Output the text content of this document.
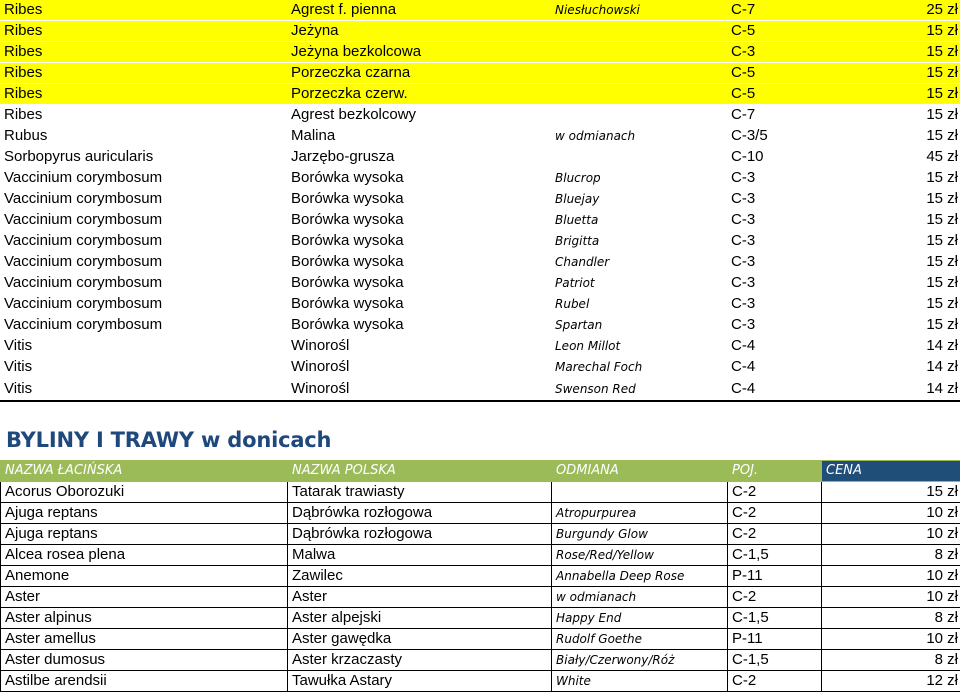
Ribes	Agrest f. pienna	Niesłuchowski	C-7	25 zł
Ribes	Jeżyna		C-5	15 zł
Ribes	Jeżyna bezkolcowa		C-3	15 zł
Ribes	Porzeczka czarna		C-5	15 zł
Ribes	Porzeczka czerw.		C-5	15 zł
Ribes	Agrest bezkolcowy		C-7	15 zł
Rubus	Malina	w odmianach	C-3/5	15 zł
Sorbopyrus auricularis	Jarzębo-grusza		C-10	45 zł
Vaccinium corymbosum	Borówka wysoka	Blucrop	C-3	15 zł
Vaccinium corymbosum	Borówka wysoka	Bluejay	C-3	15 zł
Vaccinium corymbosum	Borówka wysoka	Bluetta	C-3	15 zł
Vaccinium corymbosum	Borówka wysoka	Brigitta	C-3	15 zł
Vaccinium corymbosum	Borówka wysoka	Chandler	C-3	15 zł
Vaccinium corymbosum	Borówka wysoka	Patriot	C-3	15 zł
Vaccinium corymbosum	Borówka wysoka	Rubel	C-3	15 zł
Vaccinium corymbosum	Borówka wysoka	Spartan	C-3	15 zł
Vitis	Winorośl	Leon Millot	C-4	14 zł
Vitis	Winorośl	Marechal Foch	C-4	14 zł
Vitis	Winorośl	Swenson Red	C-4	14 zł
BYLINY I TRAWY w donicach
NAZWA ŁACIŃSKA	NAZWA POLSKA	ODMIANA	POJ.	CENA
Acorus Oborozuki	Tatarak trawiasty		C-2	15 zł
Ajuga reptans	Dąbrówka rozłogowa	Atropurpurea	C-2	10 zł
Ajuga reptans	Dąbrówka rozłogowa	Burgundy Glow	C-2	10 zł
Alcea rosea plena	Malwa	Rose/Red/Yellow	C-1,5	8 zł
Anemone	Zawilec	Annabella Deep Rose	P-11	10 zł
Aster	Aster	w odmianach	C-2	10 zł
Aster alpinus	Aster alpejski	Happy End	C-1,5	8 zł
Aster amellus	Aster gawędka	Rudolf Goethe	P-11	10 zł
Aster dumosus	Aster krzaczasty	Biały/Czerwony/Róż	C-1,5	8 zł
Astilbe arendsii	Tawułka Astary	White	C-2	12 zł
